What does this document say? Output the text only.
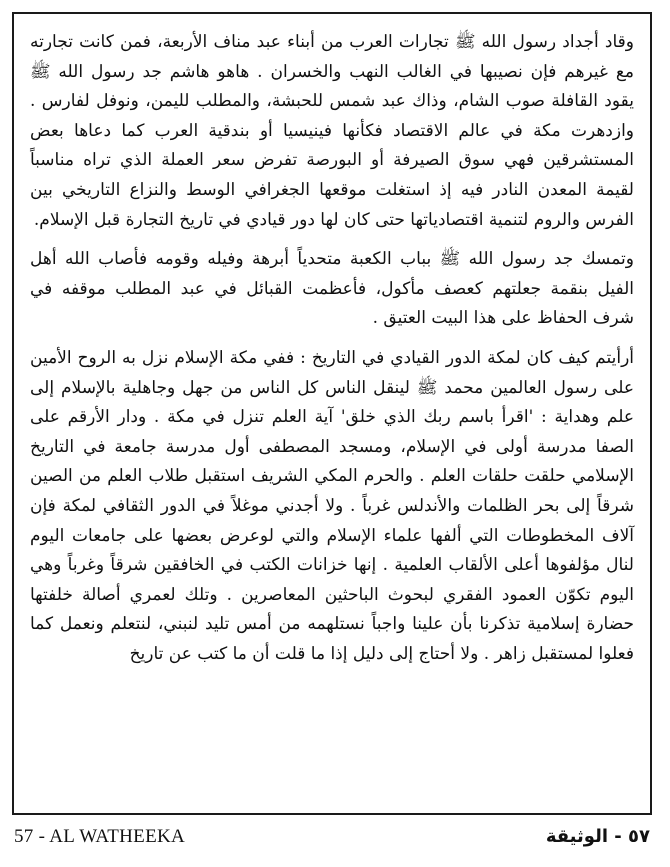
وقاد أجداد رسول الله ﷺ تجارات العرب من أبناء عبد مناف الأربعة، فمن كانت تجارته مع غيرهم فإن نصيبها في الغالب النهب والخسران . هاهو هاشم جد رسول الله ﷺ يقود القافلة صوب الشام، وذاك عبد شمس للحبشة، والمطلب لليمن، ونوفل لفارس . وازدهرت مكة في عالم الاقتصاد فكأنها فينيسيا أو بندقية العرب كما دعاها بعض المستشرقين فهي سوق الصيرفة أو البورصة تفرض سعر العملة الذي تراه مناسباً لقيمة المعدن النادر فيه إذ استغلت موقعها الجغرافي الوسط والنزاع التاريخي بين الفرس والروم لتنمية اقتصادياتها حتى كان لها دور قيادي في تاريخ التجارة قبل الإسلام.

وتمسك جد رسول الله ﷺ بباب الكعبة متحدياً أبرهة وفيله وقومه فأصاب الله أهل الفيل بنقمة جعلتهم كعصف مأكول، فأعظمت القبائل في عبد المطلب موقفه في شرف الحفاظ على هذا البيت العتيق .

أرأيتم كيف كان لمكة الدور القيادي في التاريخ : ففي مكة الإسلام نزل به الروح الأمين على رسول العالمين محمد ﷺ لينقل الناس كل الناس من جهل وجاهلية بالإسلام إلى علم وهداية : 'اقرأ باسم ربك الذي خلق' آية العلم تنزل في مكة . ودار الأرقم على الصفا مدرسة أولى في الإسلام، ومسجد المصطفى أول مدرسة جامعة في التاريخ الإسلامي حلقت حلقات العلم . والحرم المكي الشريف استقبل طلاب العلم من الصين شرقاً إلى بحر الظلمات والأندلس غرباً . ولا أجدني موغلاً في الدور الثقافي لمكة فإن آلاف المخطوطات التي ألفها علماء الإسلام والتي لوعرض بعضها على جامعات اليوم لنال مؤلفوها أعلى الألقاب العلمية . إنها خزانات الكتب في الخافقين شرقاً وغرباً وهي اليوم تكوّن العمود الفقري لبحوث الباحثين المعاصرين . وتلك لعمري أصالة خلفتها حضارة إسلامية تذكرنا بأن علينا واجباً نستلهمه من أمس تليد لنبني، لنتعلم ونعمل كما فعلوا لمستقبل زاهر . ولا أحتاج إلى دليل إذا ما قلت أن ما كتب عن تاريخ

57 - AL WATHEEKA	٥٧ - الوثيقة
